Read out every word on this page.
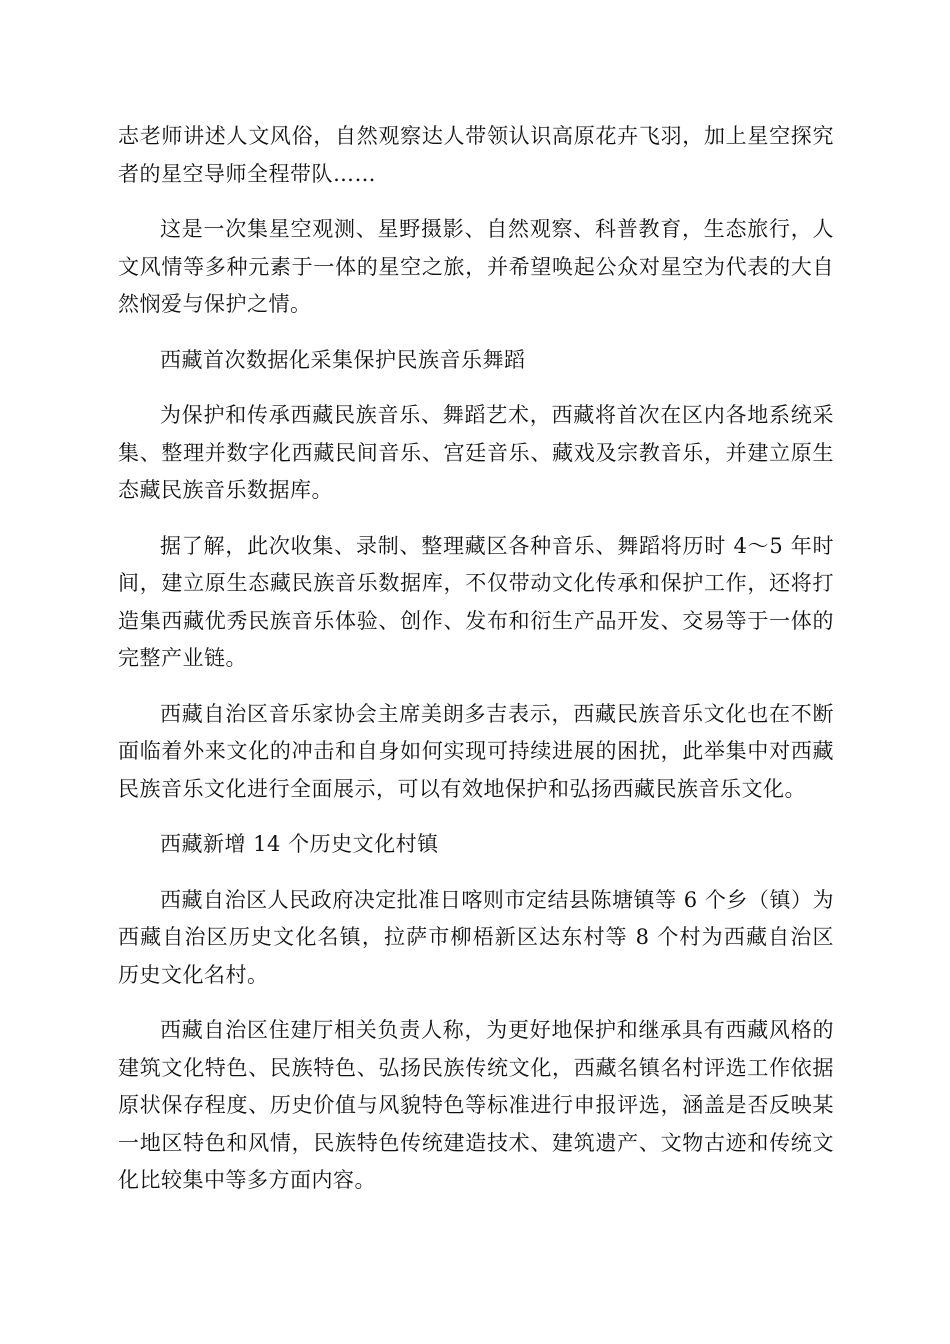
志老师讲述人文风俗，自然观察达人带领认识高原花卉飞羽，加上星空探究者的星空导师全程带队……

这是一次集星空观测、星野摄影、自然观察、科普教育，生态旅行，人文风情等多种元素于一体的星空之旅，并希望唤起公众对星空为代表的大自然悯爱与保护之情。

西藏首次数据化采集保护民族音乐舞蹈

为保护和传承西藏民族音乐、舞蹈艺术，西藏将首次在区内各地系统采集、整理并数字化西藏民间音乐、宫廷音乐、藏戏及宗教音乐，并建立原生态藏民族音乐数据库。

据了解，此次收集、录制、整理藏区各种音乐、舞蹈将历时 4～5 年时间，建立原生态藏民族音乐数据库，不仅带动文化传承和保护工作，还将打造集西藏优秀民族音乐体验、创作、发布和衍生产品开发、交易等于一体的完整产业链。

西藏自治区音乐家协会主席美朗多吉表示，西藏民族音乐文化也在不断面临着外来文化的冲击和自身如何实现可持续进展的困扰，此举集中对西藏民族音乐文化进行全面展示，可以有效地保护和弘扬西藏民族音乐文化。

西藏新增 14 个历史文化村镇

西藏自治区人民政府决定批准日喀则市定结县陈塘镇等 6 个乡（镇）为西藏自治区历史文化名镇，拉萨市柳梧新区达东村等 8 个村为西藏自治区历史文化名村。

西藏自治区住建厅相关负责人称，为更好地保护和继承具有西藏风格的建筑文化特色、民族特色、弘扬民族传统文化，西藏名镇名村评选工作依据原状保存程度、历史价值与风貌特色等标准进行申报评选，涵盖是否反映某一地区特色和风情，民族特色传统建造技术、建筑遗产、文物古迹和传统文化比较集中等多方面内容。
